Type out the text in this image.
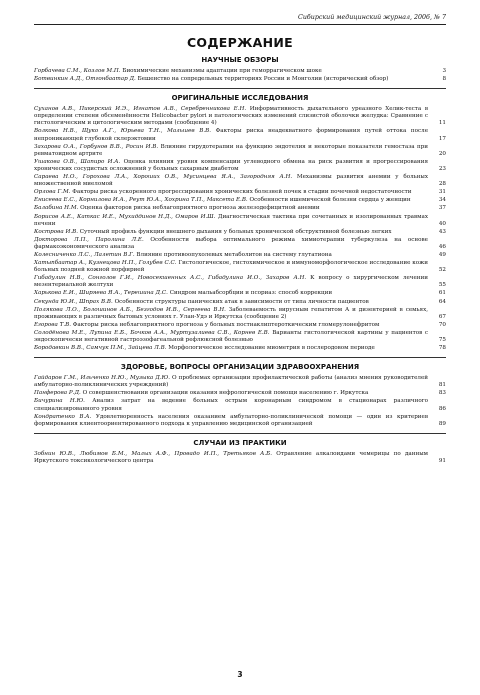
Сибирский медицинский журнал, 2006, № 7
СОДЕРЖАНИЕ
НАУЧНЫЕ ОБЗОРЫ
Горбачева С.М., Козлов М.П. Биохимические механизмы адаптации при геморрагическом шоке	3
Ботвинкин А.Д., Отгонбаатар Д. Бешенство на сопредельных территориях России и Монголии (исторический обзор)	8
ОРИГИНАЛЬНЫЕ ИССЛЕДОВАНИЯ
Суханов А.В., Пикерский И.Э., Игнатов А.В., Серебренникова Е.Н. Информативность дыхательного уреазного Хелик-теста в определении степени обсеменённости Helicobacter pylori и патологических изменений слизистой оболочки желудка: Сравнение с гистологическим и цитологическим методами (сообщение 4)	11
Волкова Н.В., Щуко А.Г., Юрьева Т.Н., Мальшев В.В. Факторы риска неадекватного формирования путей оттока после непроникающей глубокой склерэктомии	17
Захарова О.А., Горбунов В.В., Росин И.В. Влияние гирудотерапии на функцию эндотелия и некоторые показатели гемостаза при ревматоидном артрите	20
Ушакова О.В., Шапиро И.А. Оценка влияния уровня компенсации углеводного обмена на риск развития и прогрессирования хронических сосудистых осложнений у больных сахарным диабетом	23
Сараева Н.О., Горохова Л.А., Хороших О.В., Мусинцева Я.А., Загородняя А.Н. Механизмы развития анемии у больных множественной миеломой	28
Орлова Г.М. Факторы риска ускоренного прогрессирования хронических болезней почек в стадии почечной недостаточности	31
Енисеева Е.С., Корнилова И.А., Реут Ю.А., Хохрина Т.П., Максета Е.В. Особенности ишемической болезни сердца у женщин	34
Балабина Н.М. Оценка факторов риска неблагоприятного прогноза железодефицитной анемии	37
Борисов А.Е., Каткас И.Е., Мухиддинов Н.Д., Омаров И.Ш. Диагностическая тактика при сочетанных и изолированных травмах печени	40
Кострова И.В. Суточный профиль функции внешнего дыхания у больных хронической обструктивной болезнью легких	43
Докторова Л.П., Паролина Л.Е. Особенности выбора оптимального режима химиотерапии туберкулеза на основе фармакоэкономического анализа	46
Колесниченко Л.С., Лалетин В.Г. Влияние противоопухолевых метаболитов на систему глутатиона	49
Хатыпбаатар А., Кузнецова Н.П., Голубев С.С. Гистологическое, гистохимическое и иммуноморфологическое исследование кожи больных поздней кожной порфирией	52
Гибадулин Н.В., Сонголов Г.И., Новосекшенных А.С., Гибадулина И.О., Захаров А.Н. К вопросу о хирургическом лечении мезентериальной желтухи	55
Харькова Е.И., Ширяева Я.А., Терешина Д.С. Синдром мальабсорбции и псориаз: способ коррекции	61
Секунда Ю.И., Шпрах В.В. Особенности структуры панических атак в зависимости от типа личности пациентов	64
Полякова Л.О., Болошинов А.Б., Безгодов И.В., Сергеева В.Н. Заболеваемость вирусным гепатитом А и дизентерией в семьях, проживающих в различных бытовых условиях г. Улан-Удэ и Иркутска (сообщение 2)	67
Егорова Т.В. Факторы риска неблагоприятного прогноза у больных постнаклиптероткическим гломерулонефритом	70
Солодёнова М.Е., Лупина Е.Б., Бочков А.А., Муртузалиева С.В., Корнев Е.В. Варианты гистологической картины у пациентов с эндоскопически негативной гастроэзофагеальной рефлюксной болезнью	75
Бородавкин В.В., Самчук П.М., Зайцева Л.В. Морфологическое исследование миометрия в послеродовом периоде	78
ЗДОРОВЬЕ, ВОПРОСЫ ОРГАНИЗАЦИИ ЗДРАВООХРАНЕНИЯ
Гайдаров Г.М., Ильченко Н.Ю., Музыка Д.Ю. О проблемах организации профилактической работы (анализ мнения руководителей амбулаторно-поликлинических учреждений)	81
Панферова Р.Д. О совершенствовании организации оказания нефрологической помощи населению г. Иркутска	83
Бичурина Н.Ю. Анализ затрат на ведение больных острым коронарным синдромом в стационарах различного специализированного уровня	86
Кондратенко В.А. Удовлетворенность населения оказанием амбулаторно-поликлинической помощи — один из критериев формирования клиентоориентированного подхода к управлению медицинской организацией	89
СЛУЧАИ ИЗ ПРАКТИКИ
Зобнин Ю.В., Любимов Б.М., Малых А.Ф., Провадо И.П., Третьяков А.Б. Отравление алкалоидами чемерицы по данным Иркутского токсикологического центра	91
3
